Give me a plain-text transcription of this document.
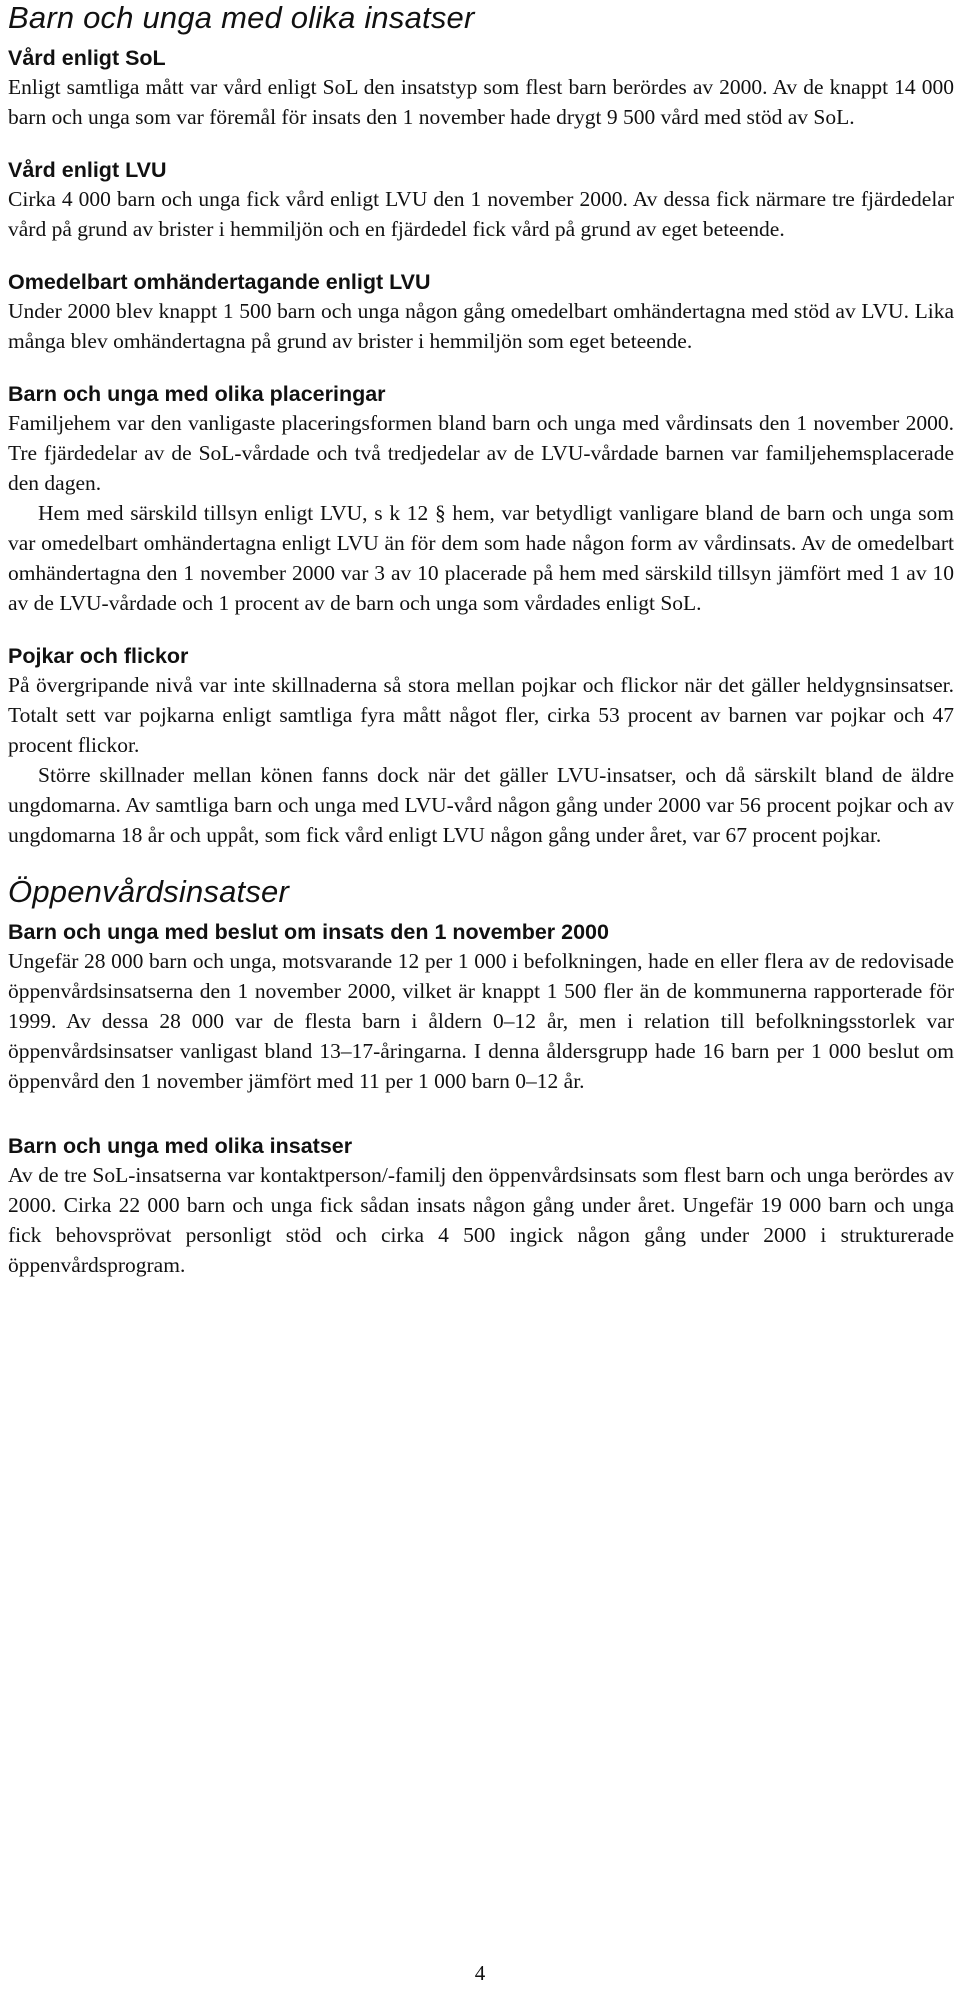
Barn och unga med olika insatser
Vård enligt SoL

Enligt samtliga mått var vård enligt SoL den insatstyp som flest barn berördes av 2000. Av de knappt 14 000 barn och unga som var föremål för insats den 1 november hade drygt 9 500 vård med stöd av SoL.

Vård enligt LVU

Cirka 4 000 barn och unga fick vård enligt LVU den 1 november 2000. Av dessa fick närmare tre fjärdedelar vård på grund av brister i hemmiljön och en fjärdedel fick vård på grund av eget beteende.

Omedelbart omhändertagande enligt LVU

Under 2000 blev knappt 1 500 barn och unga någon gång omedelbart omhändertagna med stöd av LVU. Lika många blev omhändertagna på grund av brister i hemmiljön som eget beteende.

Barn och unga med olika placeringar

Familjehem var den vanligaste placeringsformen bland barn och unga med vårdinsats den 1 november 2000. Tre fjärdedelar av de SoL-vårdade och två tredjedelar av de LVU-vårdade barnen var familjehemsplacerade den dagen.

Hem med särskild tillsyn enligt LVU, s k 12 § hem, var betydligt vanligare bland de barn och unga som var omedelbart omhändertagna enligt LVU än för dem som hade någon form av vårdinsats. Av de omedelbart omhändertagna den 1 november 2000 var 3 av 10 placerade på hem med särskild tillsyn jämfört med 1 av 10 av de LVU-vårdade och 1 procent av de barn och unga som vårdades enligt SoL.

Pojkar och flickor

På övergripande nivå var inte skillnaderna så stora mellan pojkar och flickor när det gäller heldygnsinsatser. Totalt sett var pojkarna enligt samtliga fyra mått något fler, cirka 53 procent av barnen var pojkar och 47 procent flickor.

Större skillnader mellan könen fanns dock när det gäller LVU-insatser, och då särskilt bland de äldre ungdomarna. Av samtliga barn och unga med LVU-vård någon gång under 2000 var 56 procent pojkar och av ungdomarna 18 år och uppåt, som fick vård enligt LVU någon gång under året, var 67 procent pojkar.

Öppenvårdsinsatser
Barn och unga med beslut om insats den 1 november 2000

Ungefär 28 000 barn och unga, motsvarande 12 per 1 000 i befolkningen, hade en eller flera av de redovisade öppenvårdsinsatserna den 1 november 2000, vilket är knappt 1 500 fler än de kommunerna rapporterade för 1999. Av dessa 28 000 var de flesta barn i åldern 0–12 år, men i relation till befolkningsstorlek var öppenvårdsinsatser vanligast bland 13–17-åringarna. I denna åldersgrupp hade 16 barn per 1 000 beslut om öppenvård den 1 november jämfört med 11 per 1 000 barn 0–12 år.

Barn och unga med olika insatser

Av de tre SoL-insatserna var kontaktperson/-familj den öppenvårdsinsats som flest barn och unga berördes av 2000. Cirka 22 000 barn och unga fick sådan insats någon gång under året. Ungefär 19 000 barn och unga fick behovsprövat personligt stöd och cirka 4 500 ingick någon gång under 2000 i strukturerade öppenvårdsprogram.

4
